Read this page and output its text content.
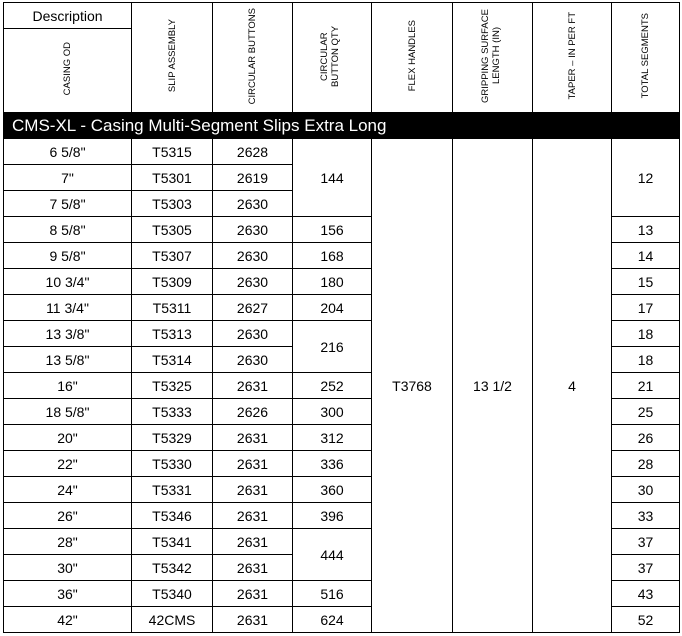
Description	SLIP ASSEMBLY	CIRCULAR BUTTONS	CIRCULAR BUTTON QTY	FLEX HANDLES	GRIPPING SURFACE LENGTH (IN)	TAPER – IN PER FT	TOTAL SEGMENTS
CASING OD							
CMS-XL - Casing Multi-Segment Slips Extra Long							
6 5/8"	T5315	2628	144	T3768	13 1/2	4	12
7"	T5301	2619					
7 5/8"	T5303	2630					
8 5/8"	T5305	2630	156				13
9 5/8"	T5307	2630	168				14
10 3/4"	T5309	2630	180				15
11 3/4"	T5311	2627	204				17
13 3/8"	T5313	2630	216				18
13 5/8"	T5314	2630					18
16"	T5325	2631	252				21
18 5/8"	T5333	2626	300				25
20"	T5329	2631	312				26
22"	T5330	2631	336				28
24"	T5331	2631	360				30
26"	T5346	2631	396				33
28"	T5341	2631	444				37
30"	T5342	2631					37
36"	T5340	2631	516				43
42"	42CMS	2631	624				52
